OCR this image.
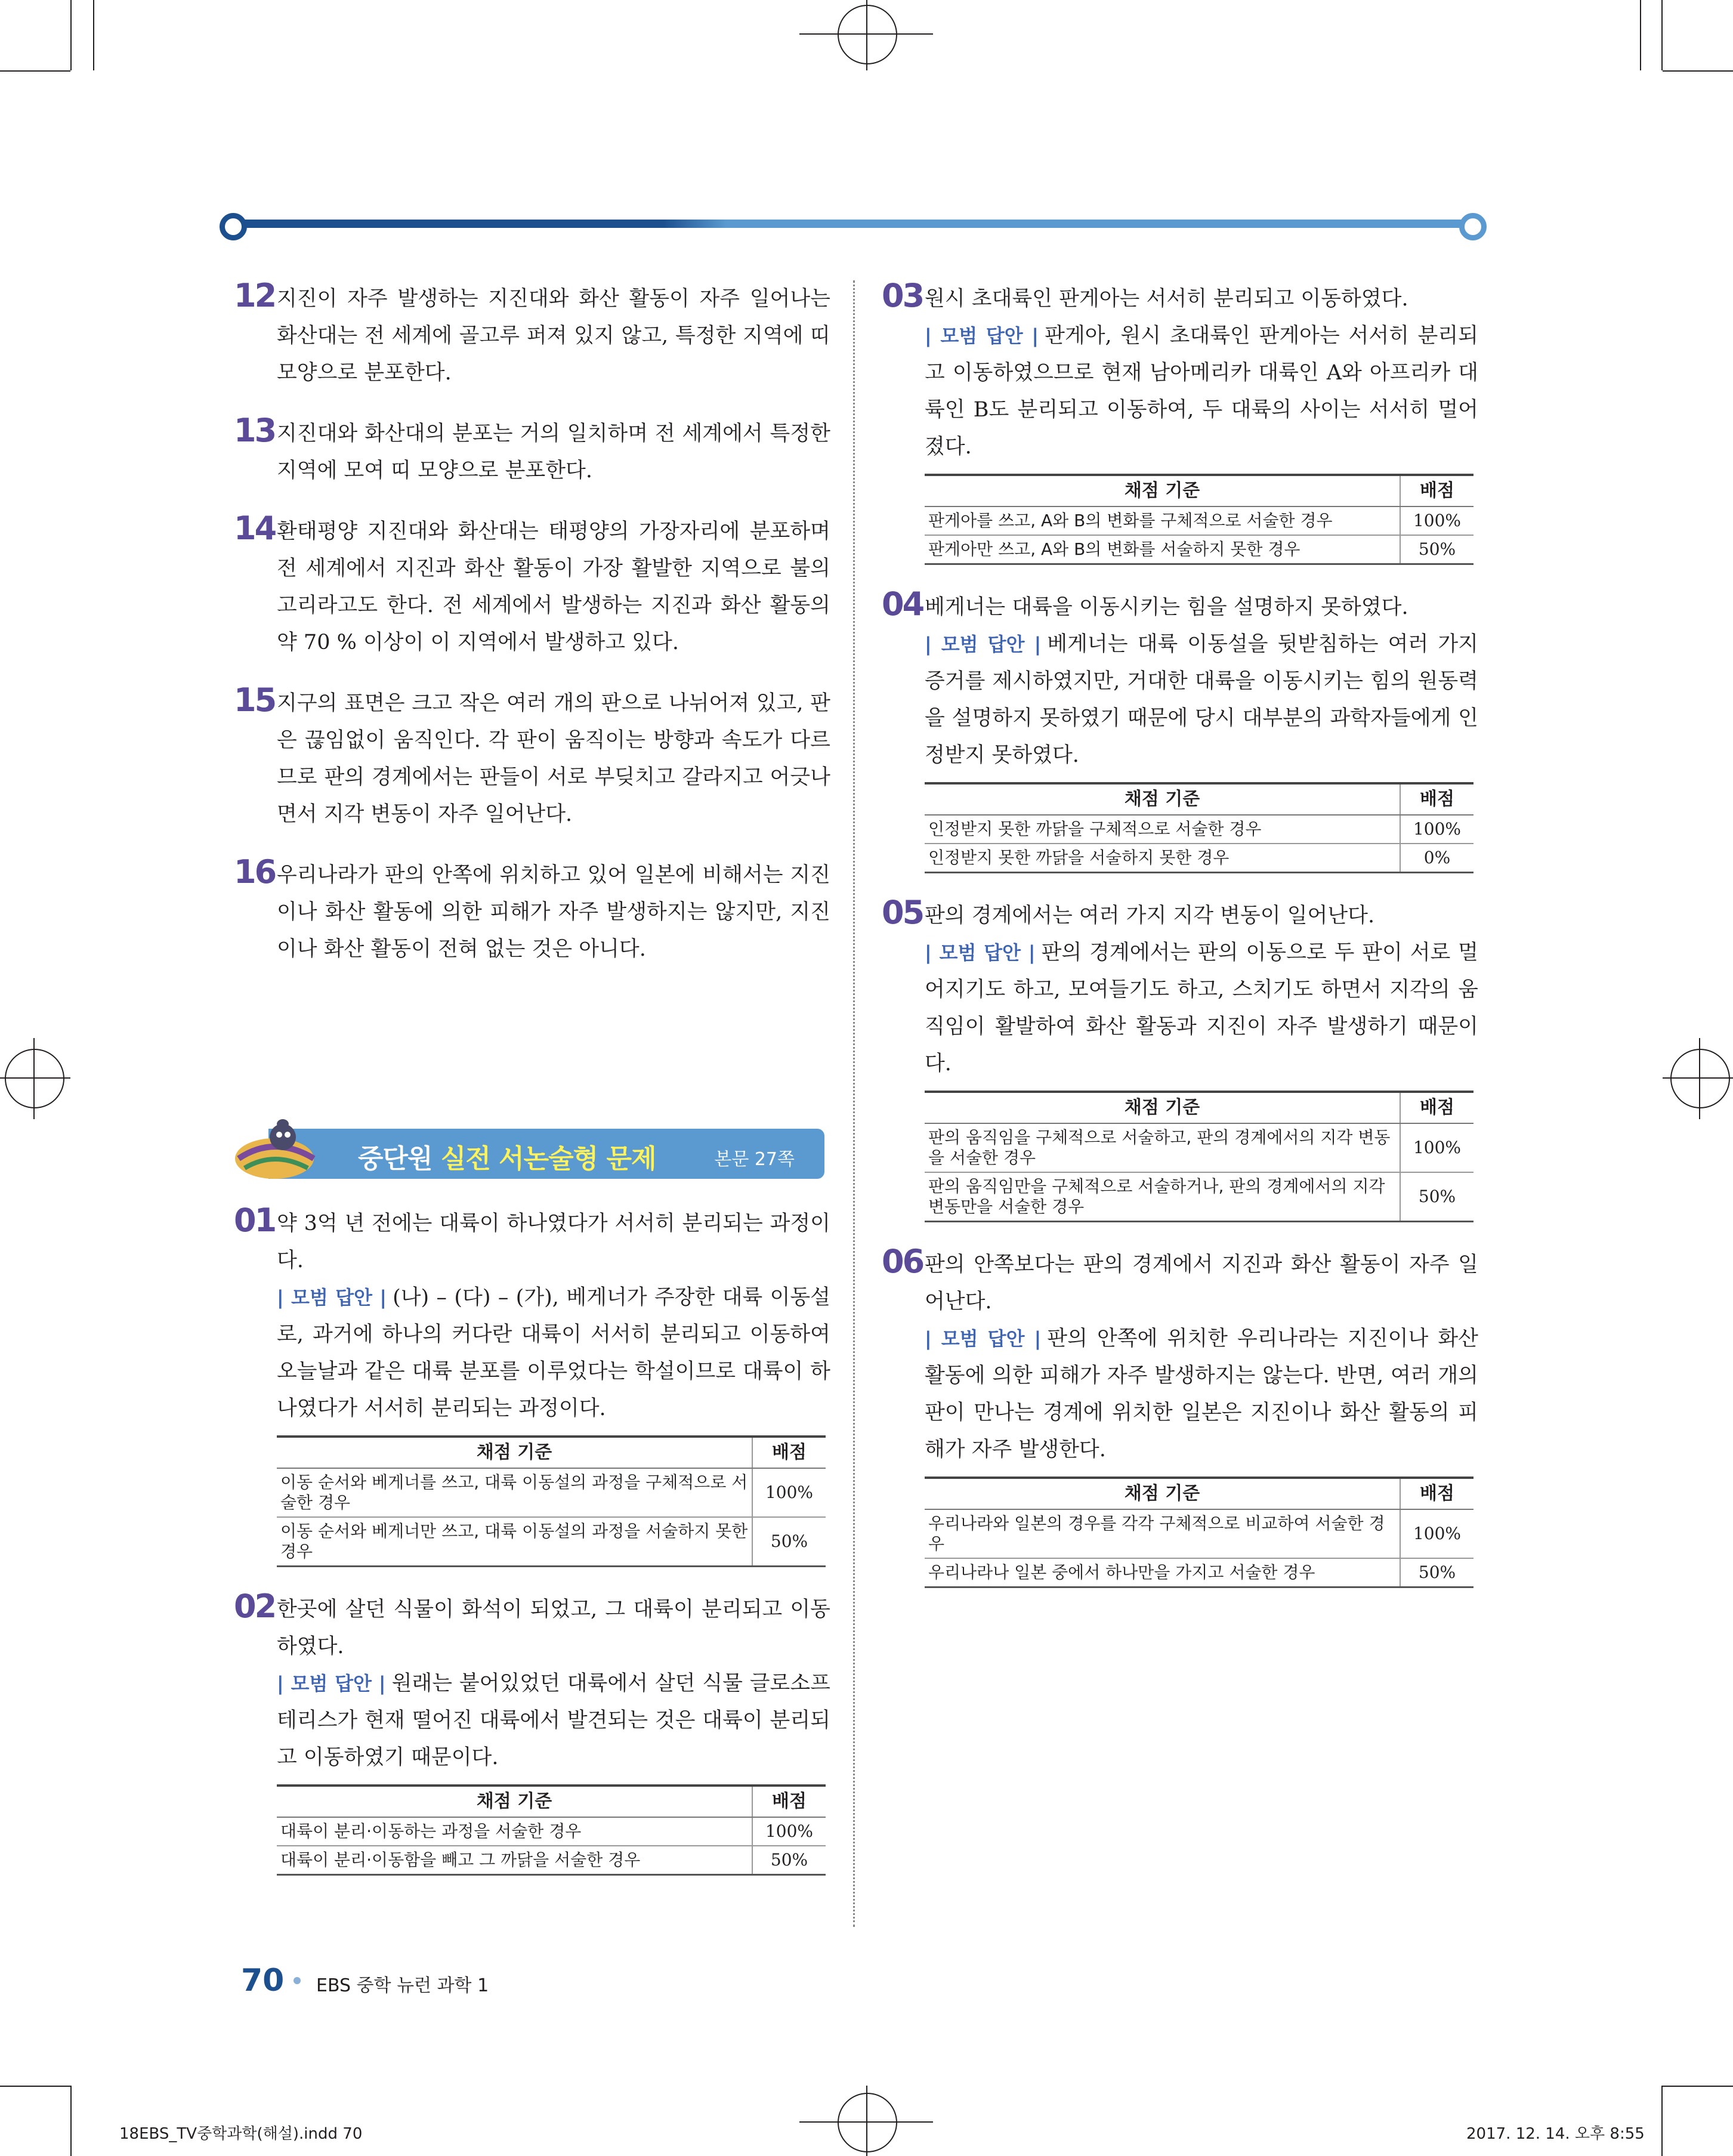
12 지진이 자주 발생하는 지진대와 화산 활동이 자주 일어나는 화산대는 전 세계에 골고루 퍼져 있지 않고, 특정한 지역에 띠 모양으로 분포한다.
13 지진대와 화산대의 분포는 거의 일치하며 전 세계에서 특정한 지역에 모여 띠 모양으로 분포한다.
14 환태평양 지진대와 화산대는 태평양의 가장자리에 분포하며 전 세계에서 지진과 화산 활동이 가장 활발한 지역으로 불의 고리라고도 한다. 전 세계에서 발생하는 지진과 화산 활동의 약 70 % 이상이 이 지역에서 발생하고 있다.
15 지구의 표면은 크고 작은 여러 개의 판으로 나뉘어져 있고, 판은 끊임없이 움직인다. 각 판이 움직이는 방향과 속도가 다르므로 판의 경계에서는 판들이 서로 부딪치고 갈라지고 어긋나면서 지각 변동이 자주 일어난다.
16 우리나라가 판의 안쪽에 위치하고 있어 일본에 비해서는 지진이나 화산 활동에 의한 피해가 자주 발생하지는 않지만, 지진이나 화산 활동이 전혀 없는 것은 아니다.
중단원 실전 서논술형 문제	본문 27쪽
01 약 3억 년 전에는 대륙이 하나였다가 서서히 분리되는 과정이다.
| 모범 답안 | (나) – (다) – (가), 베게너가 주장한 대륙 이동설로, 과거에 하나의 커다란 대륙이 서서히 분리되고 이동하여 오늘날과 같은 대륙 분포를 이루었다는 학설이므로 대륙이 하나였다가 서서히 분리되는 과정이다.
채점 기준	배점
이동 순서와 베게너를 쓰고, 대륙 이동설의 과정을 구체적으로 서술한 경우	100%
이동 순서와 베게너만 쓰고, 대륙 이동설의 과정을 서술하지 못한 경우	50%
02 한곳에 살던 식물이 화석이 되었고, 그 대륙이 분리되고 이동하였다.
| 모범 답안 | 원래는 붙어있었던 대륙에서 살던 식물 글로소프테리스가 현재 떨어진 대륙에서 발견되는 것은 대륙이 분리되고 이동하였기 때문이다.
채점 기준	배점
대륙이 분리·이동하는 과정을 서술한 경우	100%
대륙이 분리·이동함을 빼고 그 까닭을 서술한 경우	50%
03 원시 초대륙인 판게아는 서서히 분리되고 이동하였다.
| 모범 답안 | 판게아, 원시 초대륙인 판게아는 서서히 분리되고 이동하였으므로 현재 남아메리카 대륙인 A와 아프리카 대륙인 B도 분리되고 이동하여, 두 대륙의 사이는 서서히 멀어졌다.
채점 기준	배점
판게아를 쓰고, A와 B의 변화를 구체적으로 서술한 경우	100%
판게아만 쓰고, A와 B의 변화를 서술하지 못한 경우	50%
04 베게너는 대륙을 이동시키는 힘을 설명하지 못하였다.
| 모범 답안 | 베게너는 대륙 이동설을 뒷받침하는 여러 가지 증거를 제시하였지만, 거대한 대륙을 이동시키는 힘의 원동력을 설명하지 못하였기 때문에 당시 대부분의 과학자들에게 인정받지 못하였다.
채점 기준	배점
인정받지 못한 까닭을 구체적으로 서술한 경우	100%
인정받지 못한 까닭을 서술하지 못한 경우	0%
05 판의 경계에서는 여러 가지 지각 변동이 일어난다.
| 모범 답안 | 판의 경계에서는 판의 이동으로 두 판이 서로 멀어지기도 하고, 모여들기도 하고, 스치기도 하면서 지각의 움직임이 활발하여 화산 활동과 지진이 자주 발생하기 때문이다.
채점 기준	배점
판의 움직임을 구체적으로 서술하고, 판의 경계에서의 지각 변동을 서술한 경우	100%
판의 움직임만을 구체적으로 서술하거나, 판의 경계에서의 지각 변동만을 서술한 경우	50%
06 판의 안쪽보다는 판의 경계에서 지진과 화산 활동이 자주 일어난다.
| 모범 답안 | 판의 안쪽에 위치한 우리나라는 지진이나 화산 활동에 의한 피해가 자주 발생하지는 않는다. 반면, 여러 개의 판이 만나는 경계에 위치한 일본은 지진이나 화산 활동의 피해가 자주 발생한다.
채점 기준	배점
우리나라와 일본의 경우를 각각 구체적으로 비교하여 서술한 경우	100%
우리나라나 일본 중에서 하나만을 가지고 서술한 경우	50%
70 EBS 중학 뉴런 과학 1
18EBS_TV중학과학(해설).indd 70	2017. 12. 14. 오후 8:55
